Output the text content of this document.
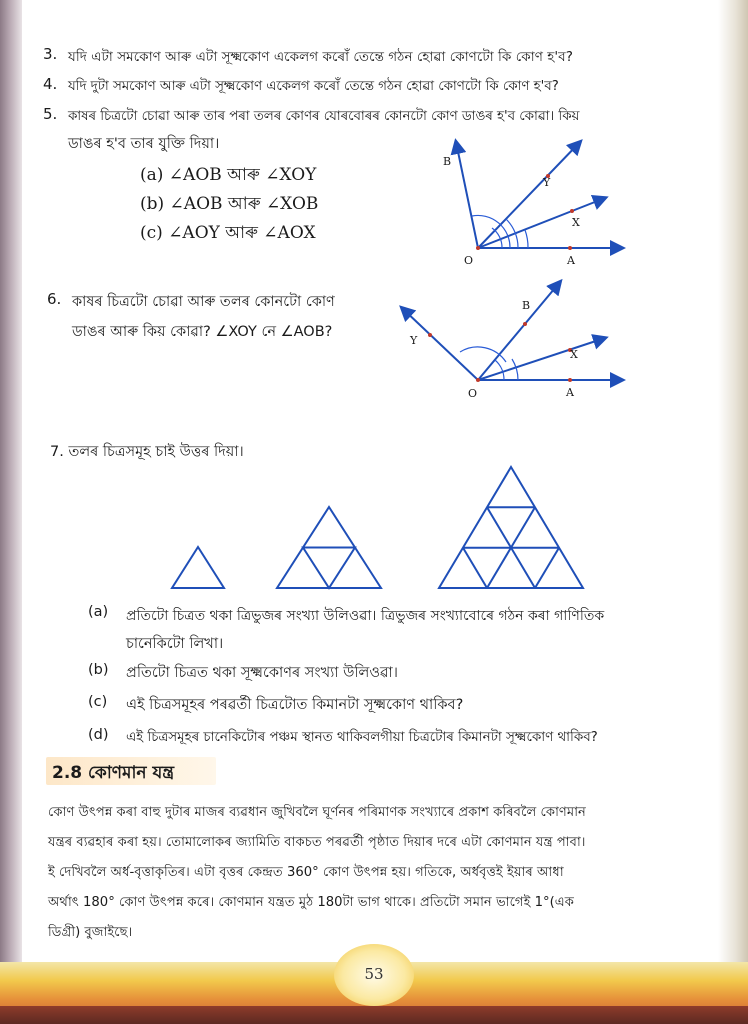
3. যদি এটা সমকোণ আৰু এটা সূক্ষ্মকোণ একেলগ কৰোঁ তেন্তে গঠন হোৱা কোণটো কি কোণ হ'ব?
4. যদি দুটা সমকোণ আৰু এটা সূক্ষ্মকোণ একেলগ কৰোঁ তেন্তে গঠন হোৱা কোণটো কি কোণ হ'ব?
5. কাষৰ চিত্ৰটো চোৱা আৰু তাৰ পৰা তলৰ কোণৰ যোৰবোৰৰ কোনটো কোণ ডাঙৰ হ'ব কোৱা। কিয়
ডাঙৰ হ'ব তাৰ যুক্তি দিয়া।
(a) ∠AOB আৰু ∠XOY
(b) ∠AOB আৰু ∠XOB
(c) ∠AOY আৰু ∠AOX
B
Y
X
O	A
6. কাষৰ চিত্ৰটো চোৱা আৰু তলৰ কোনটো কোণ
ডাঙৰ আৰু কিয় কোৱা? ∠XOY নে ∠AOB?
B
Y
X
O	A
7. তলৰ চিত্ৰসমূহ চাই উত্তৰ দিয়া।
(a) প্ৰতিটো চিত্ৰত থকা ত্ৰিভুজৰ সংখ্যা উলিওৱা। ত্ৰিভুজৰ সংখ্যাবোৰে গঠন কৰা গাণিতিক
চানেকিটো লিখা।
(b) প্ৰতিটো চিত্ৰত থকা সূক্ষ্মকোণৰ সংখ্যা উলিওৱা।
(c) এই চিত্ৰসমূহৰ পৰৱৰ্তী চিত্ৰটোত কিমানটা সূক্ষ্মকোণ থাকিব?
(d) এই চিত্ৰসমূহৰ চানেকিটোৰ পঞ্চম স্থানত থাকিবলগীয়া চিত্ৰটোৰ কিমানটা সূক্ষ্মকোণ থাকিব?
2.8 কোণমান যন্ত্ৰ
কোণ উৎপন্ন কৰা বাহু দুটাৰ মাজৰ ব্যৱধান জুখিবলৈ ঘূৰ্ণনৰ পৰিমাণক সংখ্যাৰে প্ৰকাশ কৰিবলৈ কোণমান
যন্ত্ৰৰ ব্যৱহাৰ কৰা হয়। তোমালোকৰ জ্যামিতি বাকচত পৰৱৰ্তী পৃষ্ঠাত দিয়াৰ দৰে এটা কোণমান যন্ত্ৰ পাবা।
ই দেখিবলৈ অৰ্ধ-বৃত্তাকৃতিৰ। এটা বৃত্তৰ কেন্দ্ৰত 360° কোণ উৎপন্ন হয়। গতিকে, অৰ্ধবৃত্তই ইয়াৰ আধা
অৰ্থাৎ 180° কোণ উৎপন্ন কৰে। কোণমান যন্ত্ৰত মুঠ 180টা ভাগ থাকে। প্ৰতিটো সমান ভাগেই 1°(এক
ডিগ্ৰী) বুজাইছে।
53
